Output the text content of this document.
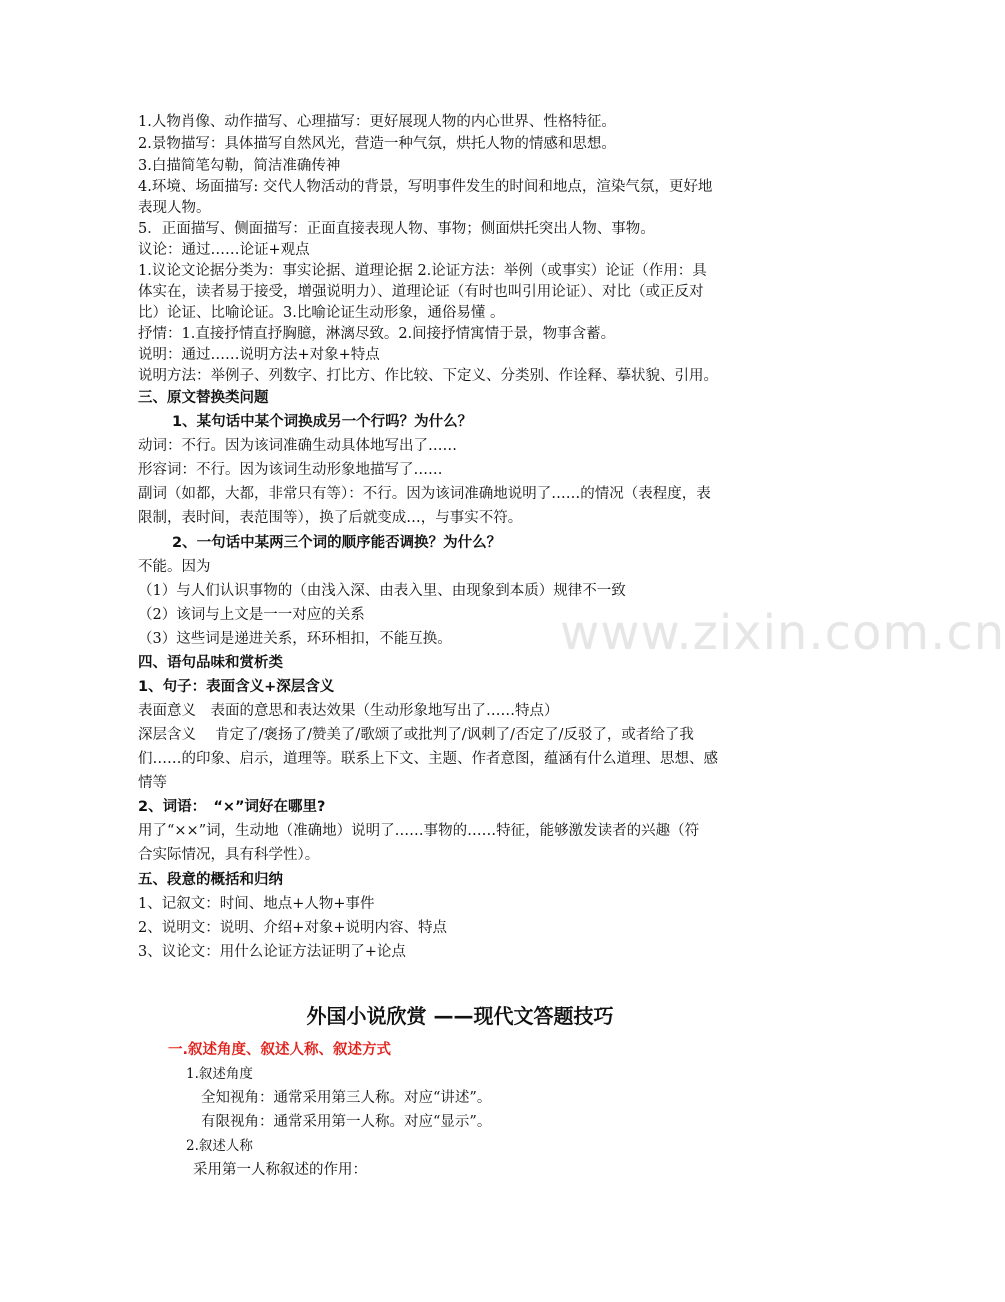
www.zixin.com.cn
1.人物肖像、动作描写、心理描写：更好展现人物的内心世界、性格特征。
2.景物描写：具体描写自然风光，营造一种气氛，烘托人物的情感和思想。
3.白描简笔勾勒，简洁准确传神
4.环境、场面描写: 交代人物活动的背景，写明事件发生的时间和地点，渲染气氛，更好地
表现人物。
5．正面描写、侧面描写：正面直接表现人物、事物；侧面烘托突出人物、事物。
议论：通过……论证+观点
1.议论文论据分类为：事实论据、道理论据 2.论证方法：举例（或事实）论证（作用：具
体实在，读者易于接受，增强说明力）、道理论证（有时也叫引用论证）、对比（或正反对
比）论证、比喻论证。3.比喻论证生动形象，通俗易懂 。
抒情：1.直接抒情直抒胸臆，淋漓尽致。2.间接抒情寓情于景，物事含蓄。
说明：通过……说明方法+对象+特点
说明方法：举例子、列数字、打比方、作比较、下定义、分类别、作诠释、摹状貌、引用。
三、原文替换类问题
1、某句话中某个词换成另一个行吗？为什么？
动词：不行。因为该词准确生动具体地写出了……
形容词：不行。因为该词生动形象地描写了……
副词（如都，大都，非常只有等）：不行。因为该词准确地说明了……的情况（表程度，表
限制，表时间，表范围等），换了后就变成…，与事实不符。
2、一句话中某两三个词的顺序能否调换？为什么？
不能。因为
（1）与人们认识事物的（由浅入深、由表入里、由现象到本质）规律不一致
（2）该词与上文是一一对应的关系
（3）这些词是递进关系，环环相扣，不能互换。
四、语句品味和赏析类
1、句子：表面含义+深层含义
表面意义　表面的意思和表达效果（生动形象地写出了……特点）
深层含义　 肯定了/褒扬了/赞美了/歌颂了或批判了/讽刺了/否定了/反驳了，或者给了我
们……的印象、启示，道理等。联系上下文、主题、作者意图，蕴涵有什么道理、思想、感
情等
2、词语：　“×”词好在哪里?
用了“××”词，生动地（准确地）说明了……事物的……特征，能够激发读者的兴趣（符
合实际情况，具有科学性）。
五、段意的概括和归纳
1、记叙文：时间、地点+人物+事件
2、说明文：说明、介绍+对象+说明内容、特点
3、议论文：用什么论证方法证明了+论点
外国小说欣赏 ——现代文答题技巧
一.叙述角度、叙述人称、叙述方式
1.叙述角度
全知视角：通常采用第三人称。对应“讲述”。
有限视角：通常采用第一人称。对应“显示”。
2.叙述人称
采用第一人称叙述的作用：
